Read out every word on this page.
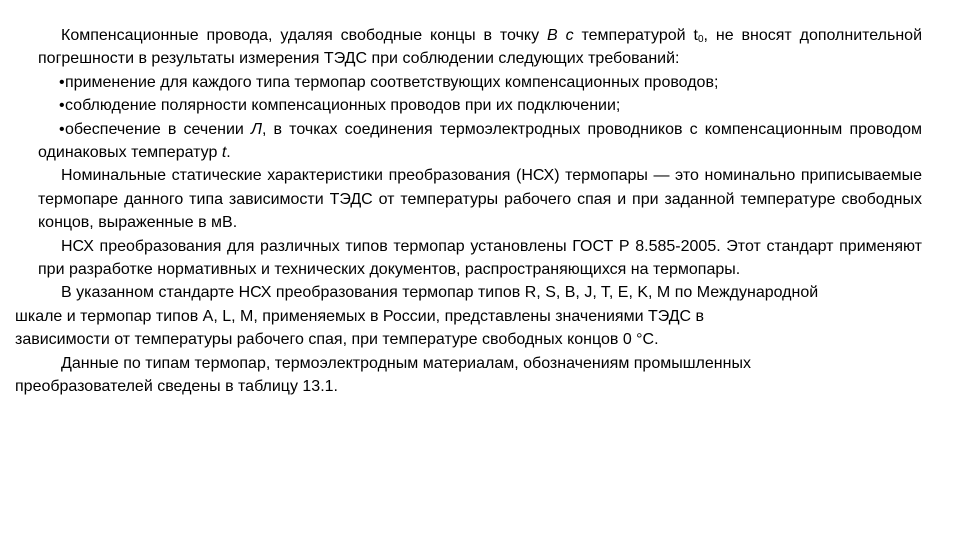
Компенсационные провода, удаляя свободные концы в точку В с температурой $t_0$, не вносят дополнительной погрешности в результаты измерения ТЭДС при соблюдении следующих требований:

•применение для каждого типа термопар соответствующих компенсационных проводов;

•соблюдение полярности компенсационных проводов при их подключении;

•обеспечение в сечении Л, в точках соединения термоэлектродных проводников с компенсационным проводом одинаковых температур t.

Номинальные статические характеристики преобразования (НСХ) термопары — это номинально приписываемые термопаре данного типа зависимости ТЭДС от температуры рабочего спая и при заданной температуре свободных концов, выраженные в мВ.

НСХ преобразования для различных типов термопар установлены ГОСТ Р 8.585-2005. Этот стандарт применяют при разработке нормативных и технических документов, распространяющихся на термопары.

В указанном стандарте НСХ преобразования термопар типов R, S, B, J, T, E, K, M по Международной
шкале и термопар типов А, L, М, применяемых в России, представлены значениями ТЭДС в
зависимости от температуры рабочего спая, при температуре свободных концов 0 °С.

Данные по типам термопар, термоэлектродным материалам, обозначениям промышленных
преобразователей сведены в таблицу 13.1.
